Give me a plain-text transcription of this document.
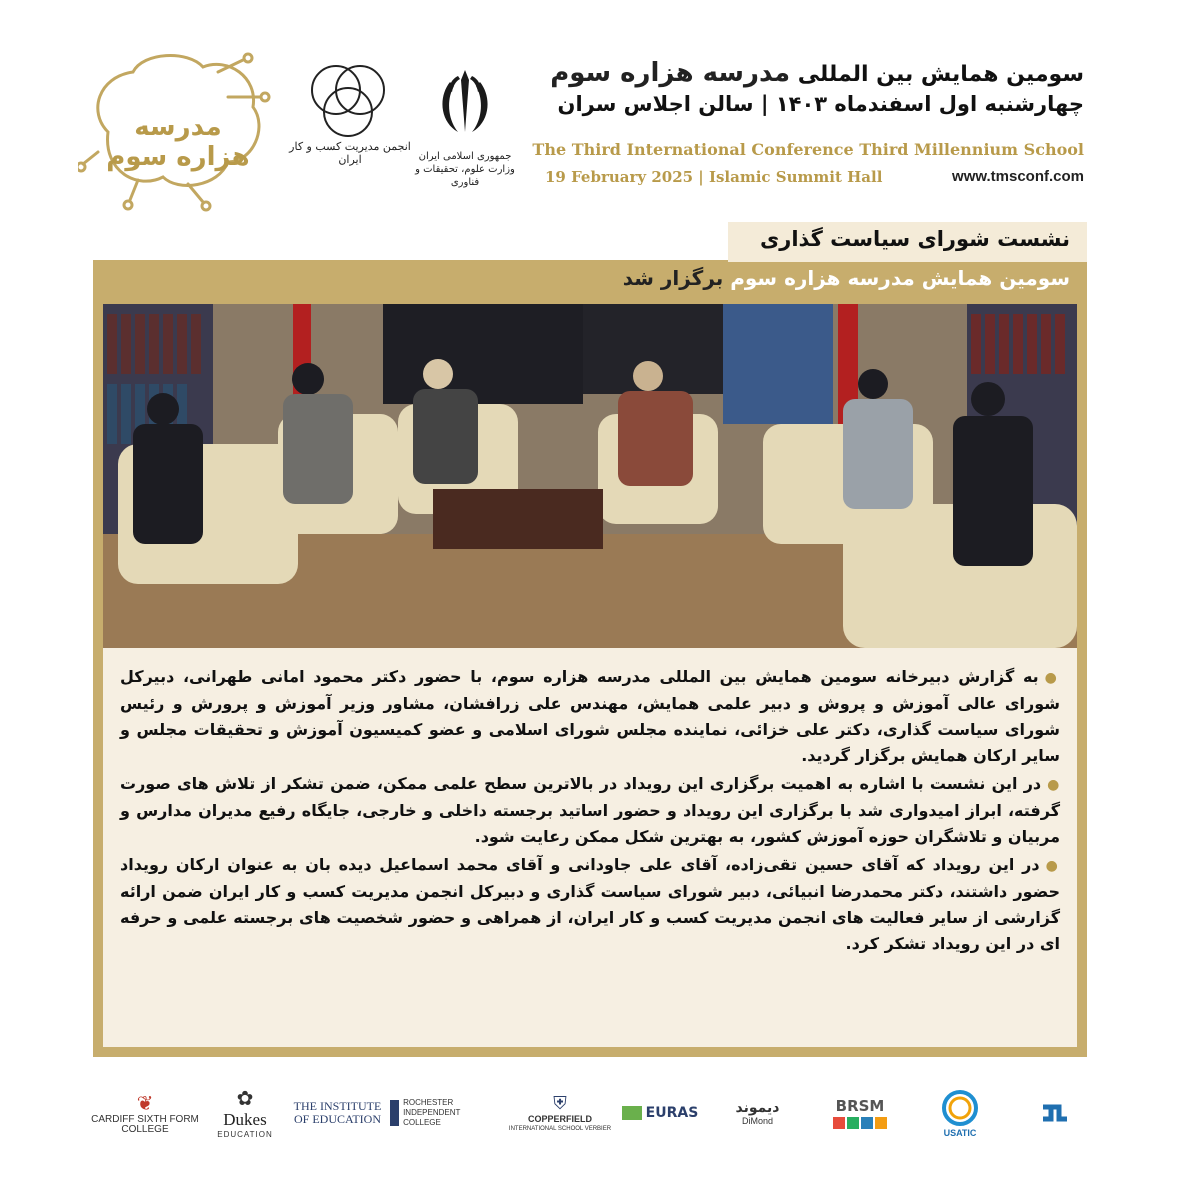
مدرسه هزاره سوم	انجمن مدیریت کسب و کار ایران	جمهوری اسلامی ایران وزارت علوم، تحقیقات و فناوری
سومین همایش بین المللی مدرسه هزاره سوم
چهارشنبه اول اسفندماه ۱۴۰۳ | سالن اجلاس سران
The Third International Conference Third Millennium School
19 February 2025 | Islamic Summit Hall	www.tmsconf.com
نشست شورای سیاست گذاری
سومین همایش مدرسه هزاره سوم برگزار شد

●به گزارش دبیرخانه سومین همایش بین المللی مدرسه هزاره سوم، با حضور دکتر محمود امانی طهرانی، دبیرکل شورای عالی آموزش و پروش و دبیر علمی همایش، مهندس علی زرافشان، مشاور وزیر آموزش و پرورش و رئیس شورای سیاست گذاری، دکتر علی خزائی، نماینده مجلس شورای اسلامی و عضو کمیسیون آموزش و تحقیقات مجلس و سایر ارکان همایش برگزار گردید.

●در این نشست با اشاره به اهمیت برگزاری این رویداد در بالاترین سطح علمی ممکن، ضمن تشکر از تلاش های صورت گرفته، ابراز امیدواری شد با برگزاری این رویداد و حضور اساتید برجسته داخلی و خارجی، جایگاه رفیع مدیران مدارس و مربیان و تلاشگران حوزه آموزش کشور، به بهترین شکل ممکن رعایت شود.

●در این رویداد که آقای حسین تقی‌زاده، آقای علی جاودانی و آقای محمد اسماعیل دیده بان به عنوان ارکان رویداد حضور داشتند، دکتر محمدرضا انبیائی، دبیر شورای سیاست گذاری و دبیرکل انجمن مدیریت کسب و کار ایران ضمن ارائه گزارشی از سایر فعالیت های انجمن مدیریت کسب و کار ایران، از همراهی و حضور شخصیت های برجسته علمی و حرفه ای در این رویداد تشکر کرد.

❦
CARDIFF SIXTH FORM COLLEGE
✿
Dukes
EDUCATION
THE INSTITUTE OF EDUCATION
ROCHESTER INDEPENDENT COLLEGE
⛨
COPPERFIELD
INTERNATIONAL SCHOOL VERBIER
EURAS	دیموند
DiMond
BRSM
USATIC
